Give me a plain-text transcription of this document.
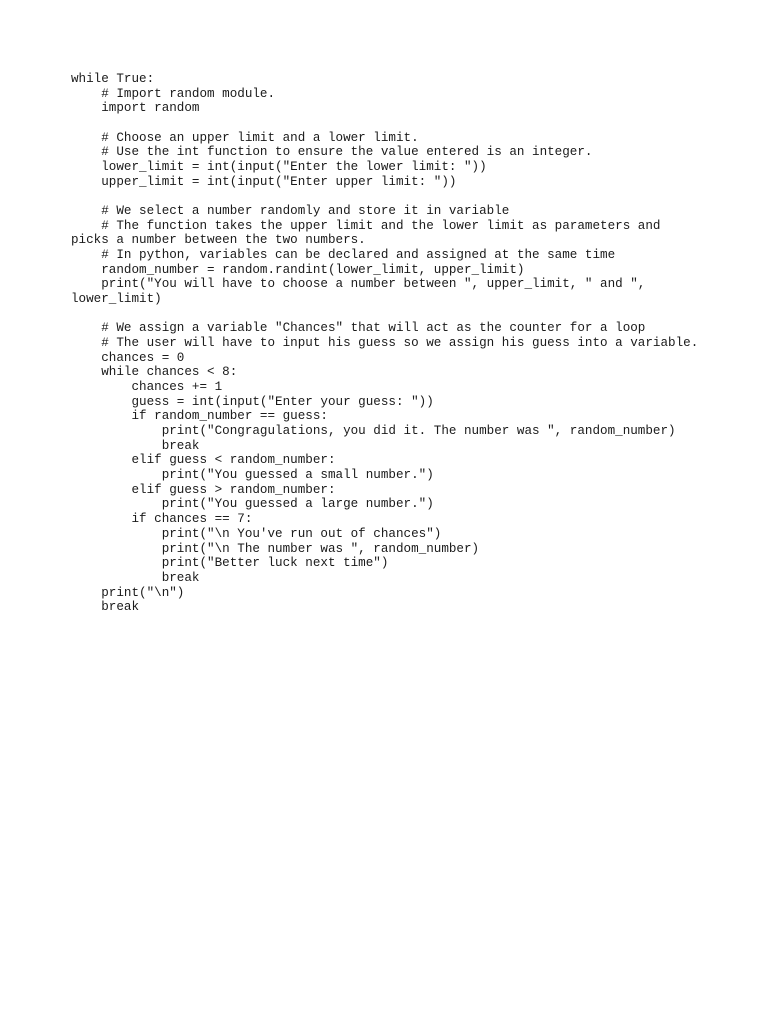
while True:
# Import random module.
import random
# Choose an upper limit and a lower limit.
# Use the int function to ensure the value entered is an integer.
lower_limit = int(input("Enter the lower limit: "))
upper_limit = int(input("Enter upper limit: "))
# We select a number randomly and store it in variable
# The function takes the upper limit and the lower limit as parameters and
picks a number between the two numbers.
# In python, variables can be declared and assigned at the same time
random_number = random.randint(lower_limit, upper_limit)
print("You will have to choose a number between ", upper_limit, " and ",
lower_limit)
# We assign a variable "Chances" that will act as the counter for a loop
# The user will have to input his guess so we assign his guess into a variable.
chances = 0
while chances < 8:
chances += 1
guess = int(input("Enter your guess: "))
if random_number == guess:
print("Congragulations, you did it. The number was ", random_number)
break
elif guess < random_number:
print("You guessed a small number.")
elif guess > random_number:
print("You guessed a large number.")
if chances == 7:
print("\n You've run out of chances")
print("\n The number was ", random_number)
print("Better luck next time")
break
print("\n")
break
